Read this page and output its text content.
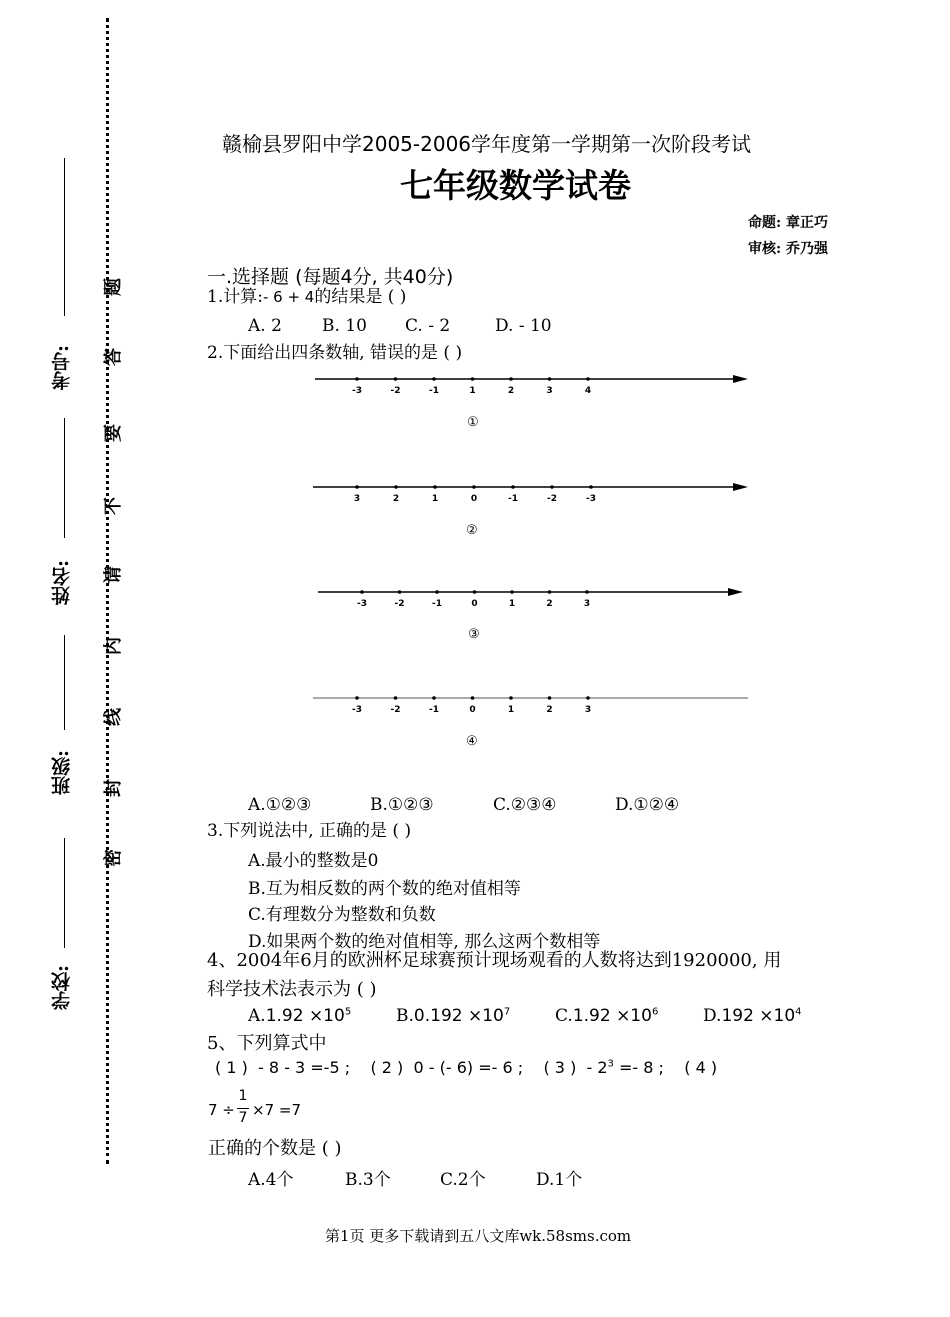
考号:
姓名:
班级:
学校:
题
答
要
不
请
内
线
封
密
赣榆县罗阳中学2005-2006学年度第一学期第一次阶段考试
七年级数学试卷
命题: 章正巧
审核: 乔乃强
一.选择题 (每题4分, 共40分)
1.计算:- 6 + 4的结果是 ( )
A. 2 B. 10 C. - 2	D. - 10
2.下面给出四条数轴, 错误的是 ( )
-3	-2	-1	1	2	3	4
3	2	1	0	-1	-2	-3
-3	-2	-1	0	1	2	3
-3	-2	-1	0	1	2	3
①
②
③
④
A.①②③	B.①②③	C.②③④	D.①②④
3.下列说法中, 正确的是 ( )
A.最小的整数是0
B.互为相反数的两个数的绝对值相等
C.有理数分为整数和负数
D.如果两个数的绝对值相等, 那么这两个数相等
4、2004年6月的欧洲杯足球赛预计现场观看的人数将达到1920000, 用
科学技术法表示为 ( )
$A.1.92 \times 10^5$	$B.0.192 \times 10^7$	$C.1.92 \times 10^6$	$D.192 \times 10^4$
5、下列算式中
( 1 ) - 8 - 3 =-5 ; ( 2 ) 0 - (- 6) =- 6 ; ( 3 ) - $2^3 =- 8$ ; ( 4 )
7 ÷
1
7 ×7 =7
正确的个数是 ( )
A.4个	B.3个	C.2个	D.1个
第1页 更多下载请到五八文库wk.58sms.com
